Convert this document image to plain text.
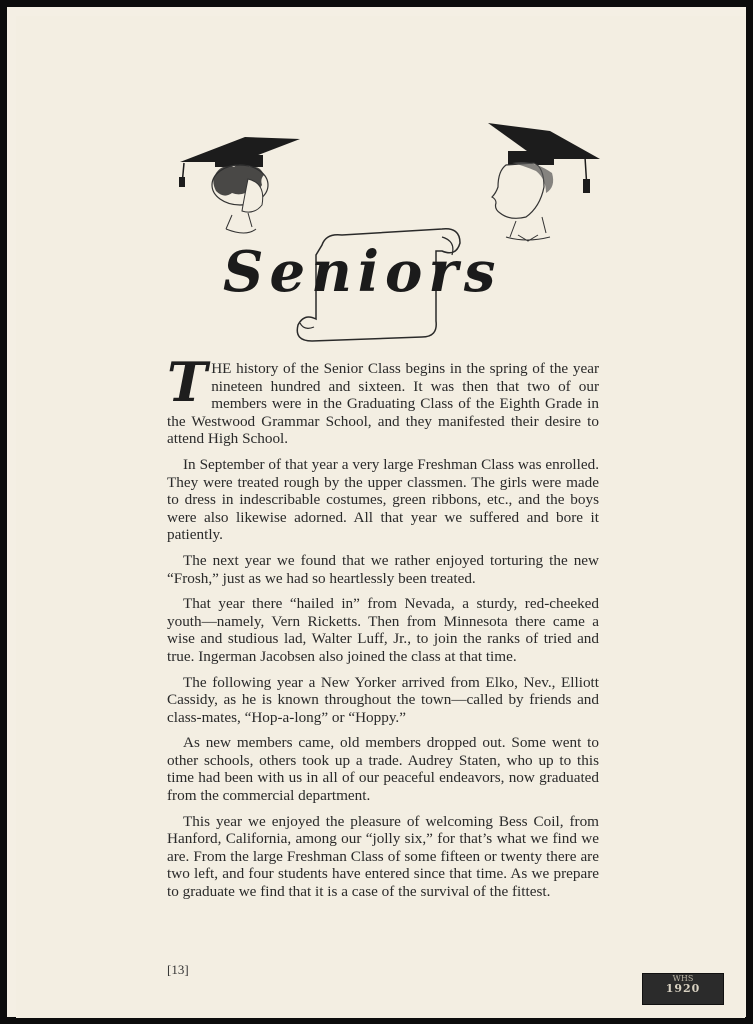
Seniors

THE history of the Senior Class begins in the spring of the year nineteen hundred and sixteen. It was then that two of our members were in the Graduating Class of the Eighth Grade in the Westwood Grammar School, and they manifested their desire to attend High School.

In September of that year a very large Freshman Class was enrolled. They were treated rough by the upper classmen. The girls were made to dress in indescribable costumes, green ribbons, etc., and the boys were also likewise adorned. All that year we suffered and bore it patiently.

The next year we found that we rather enjoyed torturing the new “Frosh,” just as we had so heartlessly been treated.

That year there “hailed in” from Nevada, a sturdy, red-cheeked youth—namely, Vern Ricketts. Then from Minnesota there came a wise and studious lad, Walter Luff, Jr., to join the ranks of tried and true. Ingerman Jacobsen also joined the class at that time.

The following year a New Yorker arrived from Elko, Nev., Elliott Cassidy, as he is known throughout the town—called by friends and class-mates, “Hop-a-long” or “Hoppy.”

As new members came, old members dropped out. Some went to other schools, others took up a trade. Audrey Staten, who up to this time had been with us in all of our peaceful endeavors, now graduated from the commercial department.

This year we enjoyed the pleasure of welcoming Bess Coil, from Hanford, California, among our “jolly six,” for that’s what we find we are. From the large Freshman Class of some fifteen or twenty there are two left, and four students have entered since that time. As we prepare to graduate we find that it is a case of the survival of the fittest.

[13]
WHS
1920
